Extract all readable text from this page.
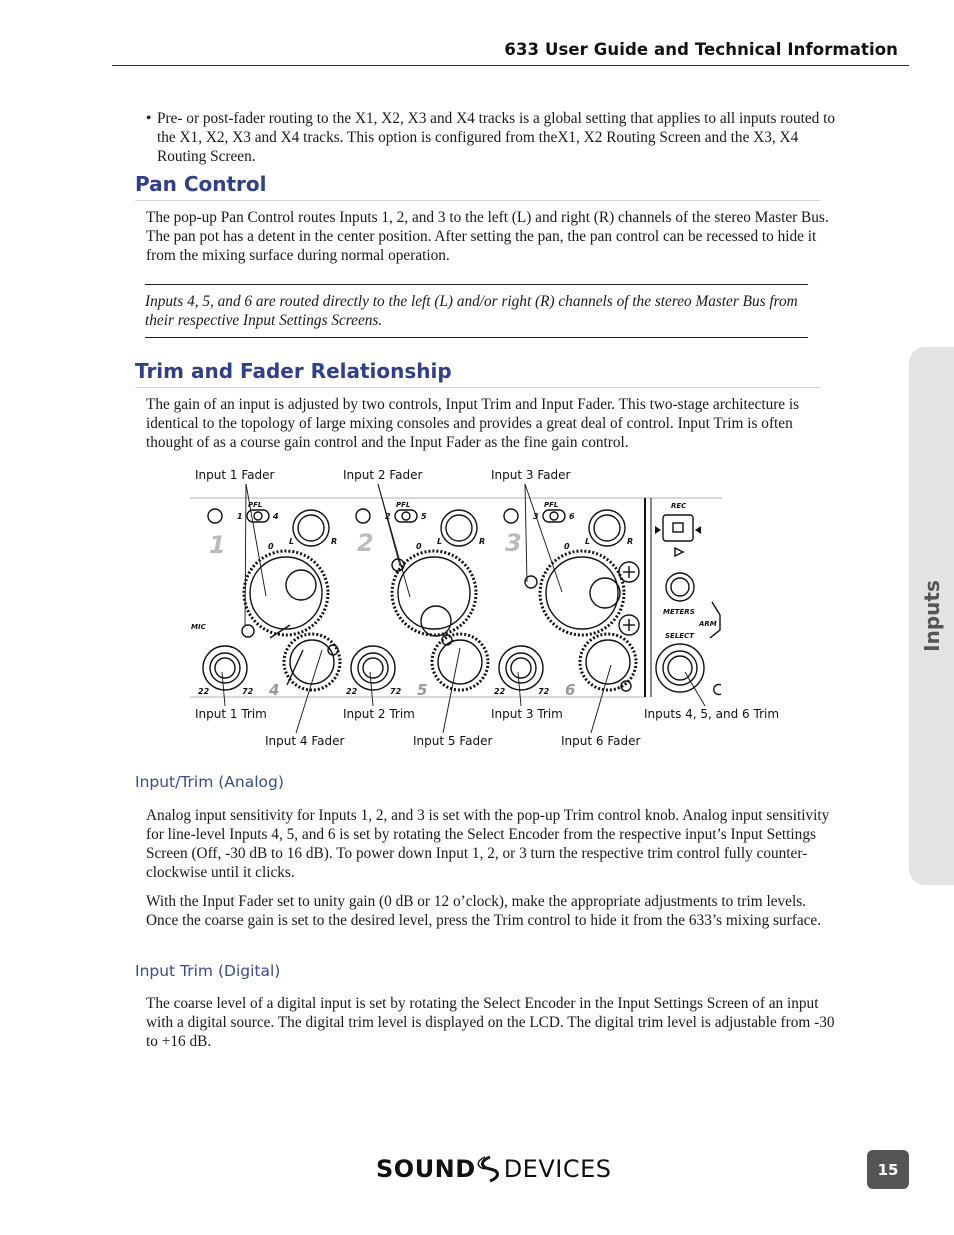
633 User Guide and Technical Information
Inputs
• Pre- or post-fader routing to the X1, X2, X3 and X4 tracks is a global setting that applies to all inputs routed to the X1, X2, X3 and X4 tracks. This option is configured from theX1, X2 Routing Screen and the X3, X4 Routing Screen.
Pan Control
The pop-up Pan Control routes Inputs 1, 2, and 3 to the left (L) and right (R) channels of the stereo Master Bus. The pan pot has a detent in the center position. After setting the pan, the pan control can be recessed to hide it from the mixing surface during normal operation.
Inputs 4, 5, and 6 are routed directly to the left (L) and/or right (R) channels of the stereo Master Bus from their respective Input Settings Screens.
Trim and Fader Relationship
The gain of an input is adjusted by two controls, Input Trim and Input Fader. This two-stage architecture is identical to the topology of large mixing consoles and provides a great deal of control. Input Trim is often thought of as a course gain control and the Input Fader as the fine gain control.
Input 1 Fader	Input 2 Fader	Input 3 Fader
Input 1 Trim	Input 2 Trim	Input 3 Trim	Inputs 4, 5, and 6 Trim
Input 4 Fader	Input 5 Fader	Input 6 Fader
1	2	3
4	5	6
PFL	PFL	PFL
1	4	2	5	3	6
0	0	0
L	R	L	R	L	R
22	72	22	72	22	72
MIC
REC
METERS
ARM
SELECT
Input/Trim (Analog)
Analog input sensitivity for Inputs 1, 2, and 3 is set with the pop-up Trim control knob. Analog input sensitivity for line-level Inputs 4, 5, and 6 is set by rotating the Select Encoder from the respective input’s Input Settings Screen (Off, -30 dB to 16 dB). To power down Input 1, 2, or 3 turn the respective trim control fully counter-clockwise until it clicks.
With the Input Fader set to unity gain (0 dB or 12 o’clock), make the appropriate adjustments to trim levels. Once the coarse gain is set to the desired level, press the Trim control to hide it from the 633’s mixing surface.
Input Trim (Digital)
The coarse level of a digital input is set by rotating the Select Encoder in the Input Settings Screen of an input with a digital source. The digital trim level is displayed on the LCD. The digital trim level is adjustable from -30 to +16 dB.
SOUND DEVICES	15
